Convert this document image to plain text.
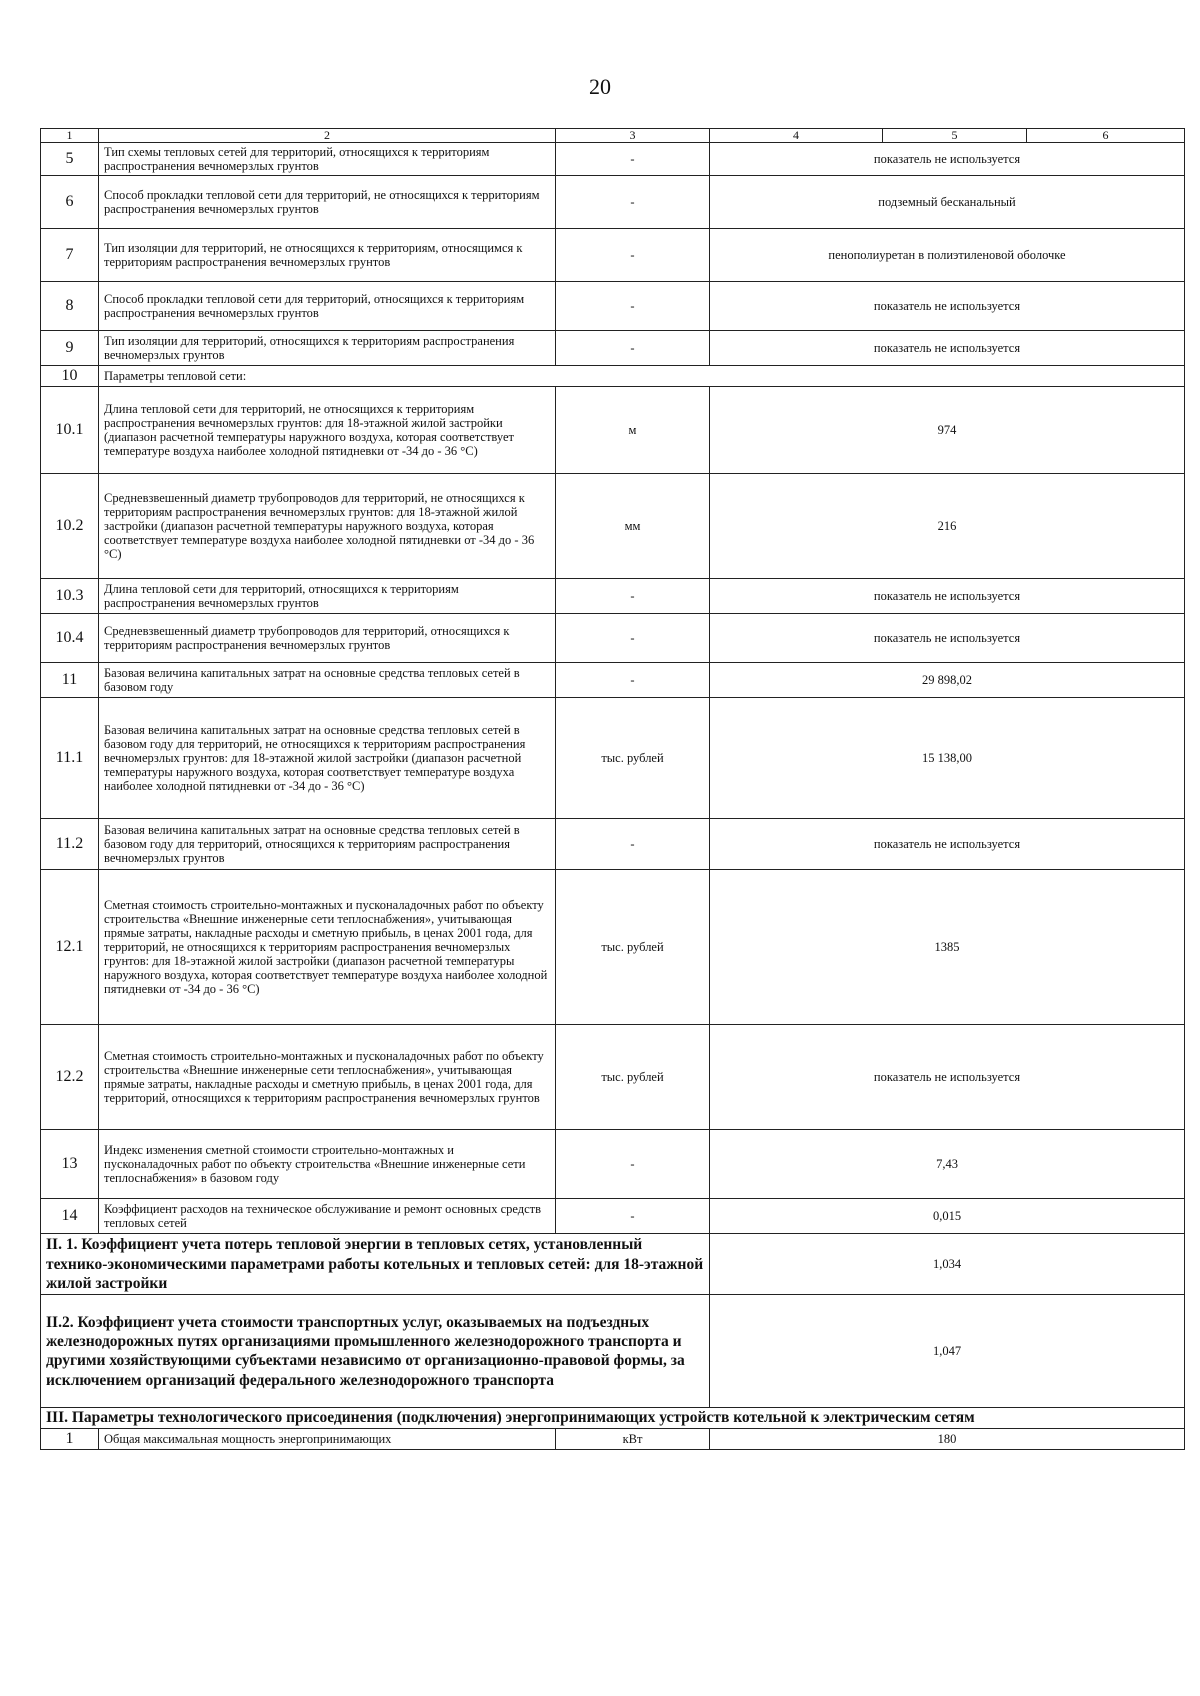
20
1	2	3	4	5	6
5	Тип схемы тепловых сетей для территорий, относящихся к территориям распространения вечномерзлых грунтов	-	показатель не используется		
6	Способ прокладки тепловой сети для территорий, не относящихся к территориям распространения вечномерзлых грунтов	-	подземный бесканальный		
7	Тип изоляции для территорий, не относящихся к территориям, относящимся к территориям распространения вечномерзлых грунтов	-	пенополиуретан в полиэтиленовой оболочке		
8	Способ прокладки тепловой сети для территорий, относящихся к территориям распространения вечномерзлых грунтов	-	показатель не используется		
9	Тип изоляции для территорий, относящихся к территориям распространения вечномерзлых грунтов	-	показатель не используется		
10	Параметры тепловой сети:				
10.1	Длина тепловой сети для территорий, не относящихся к территориям распространения вечномерзлых грунтов: для 18-этажной жилой застройки (диапазон расчетной температуры наружного воздуха, которая соответствует температуре воздуха наиболее холодной пятидневки от -34 до - 36 °С)	м	974		
10.2	Средневзвешенный диаметр трубопроводов для территорий, не относящихся к территориям распространения вечномерзлых грунтов: для 18-этажной жилой застройки (диапазон расчетной температуры наружного воздуха, которая соответствует температуре воздуха наиболее холодной пятидневки от -34 до - 36 °С)	мм	216		
10.3	Длина тепловой сети для территорий, относящихся к территориям распространения вечномерзлых грунтов	-	показатель не используется		
10.4	Средневзвешенный диаметр трубопроводов для территорий, относящихся к территориям распространения вечномерзлых грунтов	-	показатель не используется		
11	Базовая величина капитальных затрат на основные средства тепловых сетей в базовом году	-	29 898,02		
11.1	Базовая величина капитальных затрат на основные средства тепловых сетей в базовом году для территорий, не относящихся к территориям распространения вечномерзлых грунтов: для 18-этажной жилой застройки (диапазон расчетной температуры наружного воздуха, которая соответствует температуре воздуха наиболее холодной пятидневки от -34 до - 36 °С)	тыс. рублей	15 138,00		
11.2	Базовая величина капитальных затрат на основные средства тепловых сетей в базовом году для территорий, относящихся к территориям распространения вечномерзлых грунтов	-	показатель не используется		
12.1	Сметная стоимость строительно-монтажных и пусконаладочных работ по объекту строительства «Внешние инженерные сети теплоснабжения», учитывающая прямые затраты, накладные расходы и сметную прибыль, в ценах 2001 года, для территорий, не относящихся к территориям распространения вечномерзлых грунтов: для 18-этажной жилой застройки (диапазон расчетной температуры наружного воздуха, которая соответствует температуре воздуха наиболее холодной пятидневки от -34 до - 36 °С)	тыс. рублей	1385		
12.2	Сметная стоимость строительно-монтажных и пусконаладочных работ по объекту строительства «Внешние инженерные сети теплоснабжения», учитывающая прямые затраты, накладные расходы и сметную прибыль, в ценах 2001 года, для территорий, относящихся к территориям распространения вечномерзлых грунтов	тыс. рублей	показатель не используется		
13	Индекс изменения сметной стоимости строительно-монтажных и пусконаладочных работ по объекту строительства «Внешние инженерные сети теплоснабжения» в базовом году	-	7,43		
14	Коэффициент расходов на техническое обслуживание и ремонт основных средств тепловых сетей	-	0,015		
II. 1. Коэффициент учета потерь тепловой энергии в тепловых сетях, установленный технико-экономическими параметрами работы котельных и тепловых сетей: для 18-этажной жилой застройки			1,034		
II.2. Коэффициент учета стоимости транспортных услуг, оказываемых на подъездных железнодорожных путях организациями промышленного железнодорожного транспорта и другими хозяйствующими субъектами независимо от организационно-правовой формы, за исключением организаций федерального железнодорожного транспорта			1,047		
III. Параметры технологического присоединения (подключения) энергопринимающих устройств котельной к электрическим сетям					
1	Общая максимальная мощность энергопринимающих	кВт	180		
